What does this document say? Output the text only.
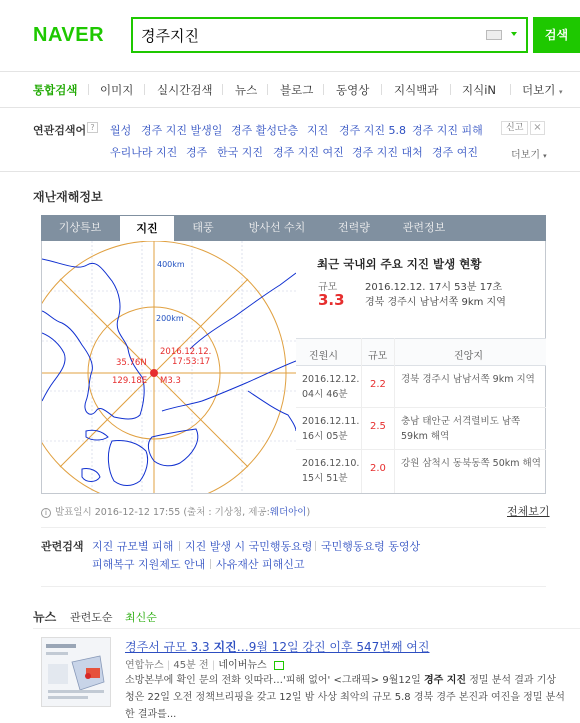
NAVER
경주지진	검색
통합검색 이미지 실시간검색 뉴스 블로그 동영상 지식백과 지식iN 더보기 ▾
연관검색어 ?	월성 경주 지진 발생일 경주 활성단층 지진 경주 지진 5.8 경주 지진 피해
우리나라 지진 경주 한국 지진 경주 지진 여진 경주 지진 대처 경주 여진
신고 ×
더보기 ▾
재난재해정보
기상특보	지진	태풍	방사선 수치	전력량	관련정보
400km
200km
2016.12.12.
17:53:17
35.76N
129.18E M3.3
최근 국내외 주요 지진 발생 현황
규모
3.3
2016.12.12. 17시 53분 17초
경북 경주시 남남서쪽 9km 지역
진원시	규모	진앙지
2016.12.12.
04시 46분
2.2 경북 경주시 남남서쪽 9km 지역
2016.12.11.
16시 05분
2.5 충남 태안군 서격렬비도 남쪽 59km 해역
2016.12.10.
15시 51분
2.0 강원 삼척시 동북동쪽 50km 해역
i 발표일시 2016-12-12 17:55 (출처 : 기상청, 제공:웨더아이)	전체보기
관련검색 지진 규모별 피해 지진 발생 시 국민행동요령 국민행동요령 동영상
피해복구 지원제도 안내 사유재산 피해신고
뉴스 관련도순 최신순
경주서 규모 3.3 지진…9월 12일 강진 이후 547번째 여진
연합뉴스 | 45분 전 | 네이버뉴스
소방본부에 확인 문의 전화 잇따라…'피해 없어' <그래픽> 9월12일 경주 지진 정밀 분석 결과 기상청은 22일 오전 정책브리핑을 갖고 12일 밤 사상 최악의 규모 5.8 경북 경주 본진과 여진을 정밀 분석한 결과를...
